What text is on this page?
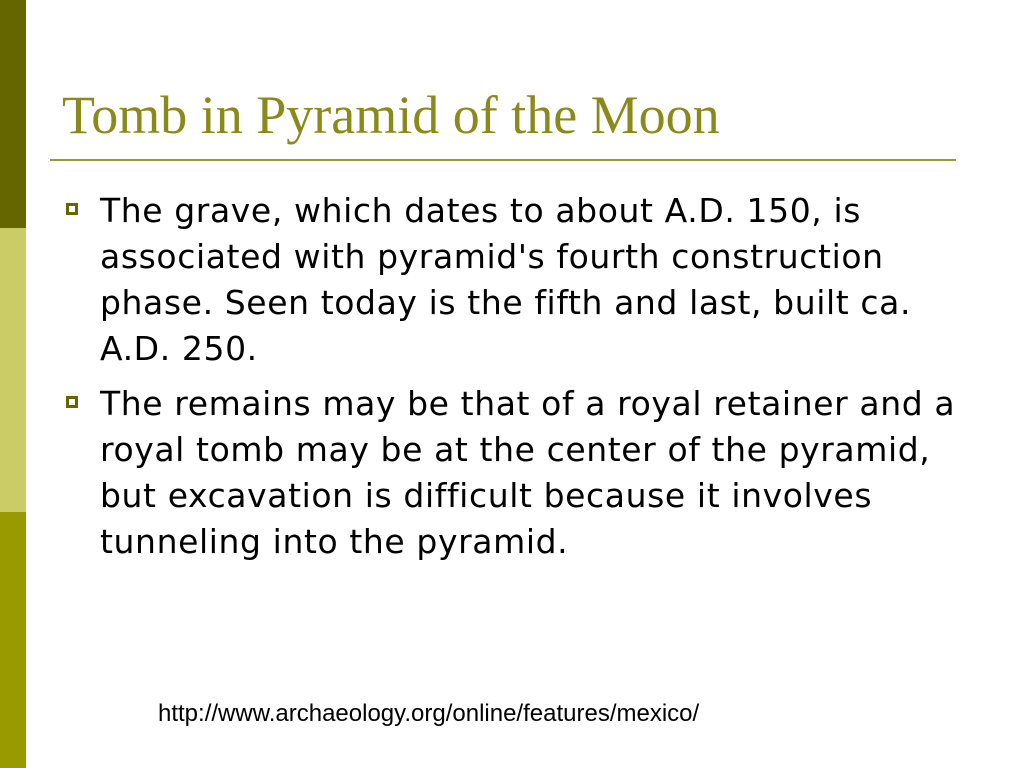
Tomb in Pyramid of the Moon
The grave, which dates to about A.D. 150, is associated with pyramid's fourth construction phase. Seen today is the fifth and last, built ca. A.D. 250.
The remains may be that of a royal retainer and a royal tomb may be at the center of the pyramid, but excavation is difficult because it involves tunneling into the pyramid.
http://www.archaeology.org/online/features/mexico/
